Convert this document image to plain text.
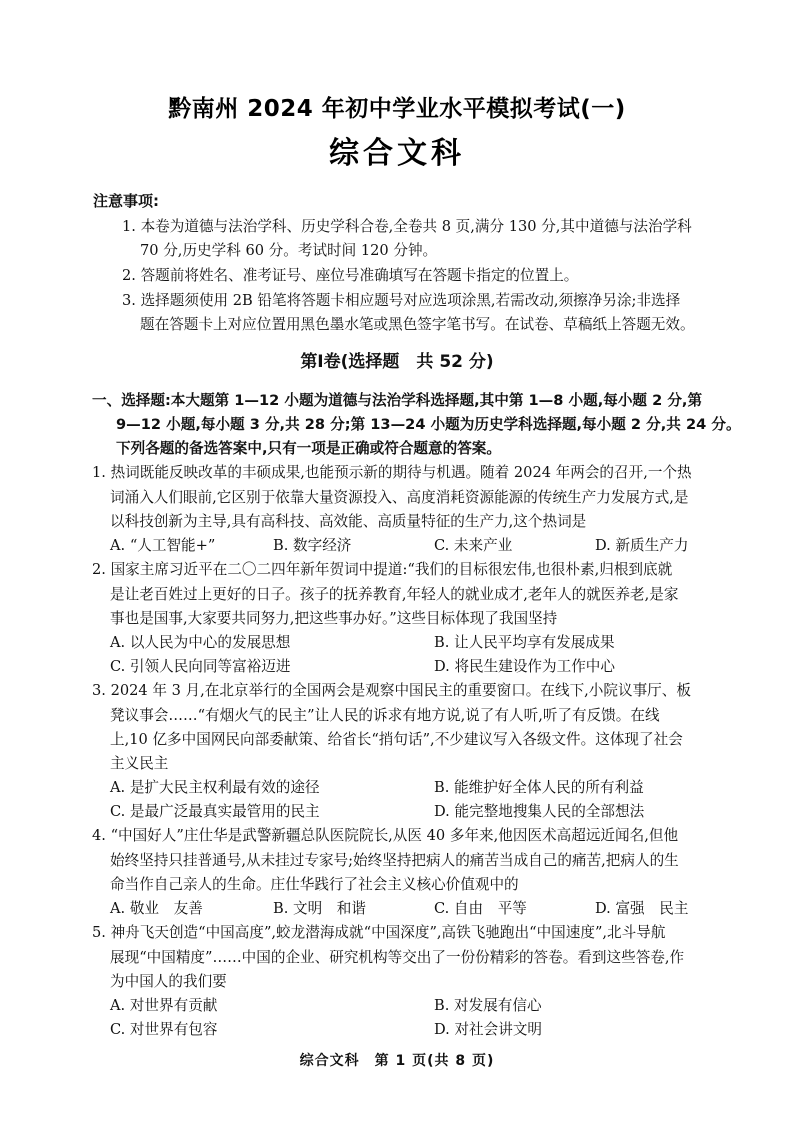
黔南州 2024 年初中学业水平模拟考试(一)
综合文科
注意事项:
1. 本卷为道德与法治学科、历史学科合卷,全卷共 8 页,满分 130 分,其中道德与法治学科
70 分,历史学科 60 分。考试时间 120 分钟。
2. 答题前将姓名、准考证号、座位号准确填写在答题卡指定的位置上。
3. 选择题须使用 2B 铅笔将答题卡相应题号对应选项涂黑,若需改动,须擦净另涂;非选择
题在答题卡上对应位置用黑色墨水笔或黑色签字笔书写。在试卷、草稿纸上答题无效。
第Ⅰ卷(选择题　共 52 分)
一、选择题:本大题第 1—12 小题为道德与法治学科选择题,其中第 1—8 小题,每小题 2 分,第
9—12 小题,每小题 3 分,共 28 分;第 13—24 小题为历史学科选择题,每小题 2 分,共 24 分。
下列各题的备选答案中,只有一项是正确或符合题意的答案。
1. 热词既能反映改革的丰硕成果,也能预示新的期待与机遇。随着 2024 年两会的召开,一个热
词涌入人们眼前,它区别于依靠大量资源投入、高度消耗资源能源的传统生产力发展方式,是
以科技创新为主导,具有高科技、高效能、高质量特征的生产力,这个热词是
A. “人工智能+”	B. 数字经济	C. 未来产业	D. 新质生产力
2. 国家主席习近平在二〇二四年新年贺词中提道:“我们的目标很宏伟,也很朴素,归根到底就
是让老百姓过上更好的日子。孩子的抚养教育,年轻人的就业成才,老年人的就医养老,是家
事也是国事,大家要共同努力,把这些事办好。”这些目标体现了我国坚持
A. 以人民为中心的发展思想	B. 让人民平均享有发展成果
C. 引领人民向同等富裕迈进	D. 将民生建设作为工作中心
3. 2024 年 3 月,在北京举行的全国两会是观察中国民主的重要窗口。在线下,小院议事厅、板
凳议事会……“有烟火气的民主”让人民的诉求有地方说,说了有人听,听了有反馈。在线
上,10 亿多中国网民向部委献策、给省长“捎句话”,不少建议写入各级文件。这体现了社会
主义民主
A. 是扩大民主权利最有效的途径	B. 能维护好全体人民的所有利益
C. 是最广泛最真实最管用的民主	D. 能完整地搜集人民的全部想法
4. “中国好人”庄仕华是武警新疆总队医院院长,从医 40 多年来,他因医术高超远近闻名,但他
始终坚持只挂普通号,从未挂过专家号;始终坚持把病人的痛苦当成自己的痛苦,把病人的生
命当作自己亲人的生命。庄仕华践行了社会主义核心价值观中的
A. 敬业　友善	B. 文明　和谐	C. 自由　平等	D. 富强　民主
5. 神舟飞天创造“中国高度”,蛟龙潜海成就“中国深度”,高铁飞驰跑出“中国速度”,北斗导航
展现“中国精度”……中国的企业、研究机构等交出了一份份精彩的答卷。看到这些答卷,作
为中国人的我们要
A. 对世界有贡献	B. 对发展有信心
C. 对世界有包容	D. 对社会讲文明
综合文科　第 1 页(共 8 页)
